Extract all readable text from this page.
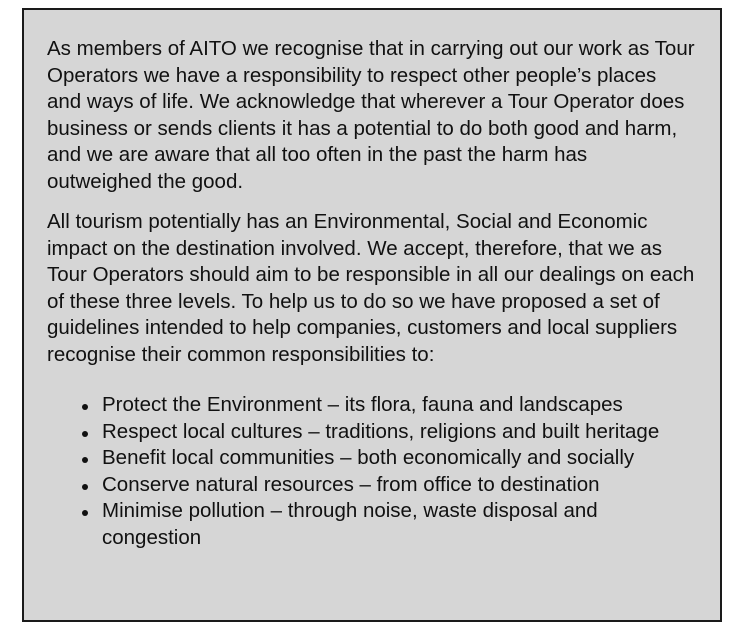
As members of AITO we recognise that in carrying out our work as Tour Operators we have a responsibility to respect other people’s places and ways of life. We acknowledge that wherever a Tour Operator does business or sends clients it has a potential to do both good and harm, and we are aware that all too often in the past the harm has outweighed the good.

All tourism potentially has an Environmental, Social and Economic impact on the destination involved. We accept, therefore, that we as Tour Operators should aim to be responsible in all our dealings on each of these three levels. To help us to do so we have proposed a set of guidelines intended to help companies, customers and local suppliers recognise their common responsibilities to:

Protect the Environment – its flora, fauna and landscapes
Respect local cultures – traditions, religions and built heritage
Benefit local communities – both economically and socially
Conserve natural resources – from office to destination
Minimise pollution – through noise, waste disposal and congestion
